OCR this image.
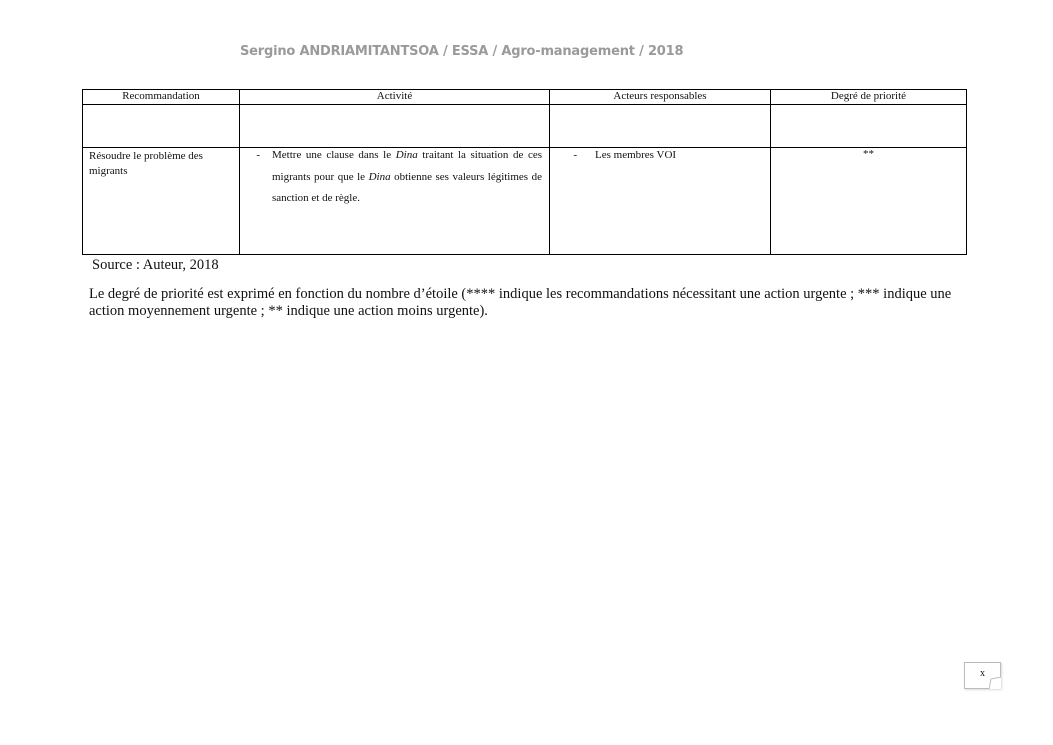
Sergino ANDRIAMITANTSOA / ESSA / Agro-management / 2018
Recommandation	Activité	Acteurs responsables	Degré de priorité

Résoudre le problème des migrants	- Mettre une clause dans le Dina traitant la situation de ces migrants pour que le Dina obtienne ses valeurs légitimes de sanction et de règle.	- Les membres VOI	**
Source : Auteur, 2018
Le degré de priorité est exprimé en fonction du nombre d’étoile (**** indique les recommandations nécessitant une action urgente ; *** indique une action moyennement urgente ; ** indique une action moins urgente).
x
